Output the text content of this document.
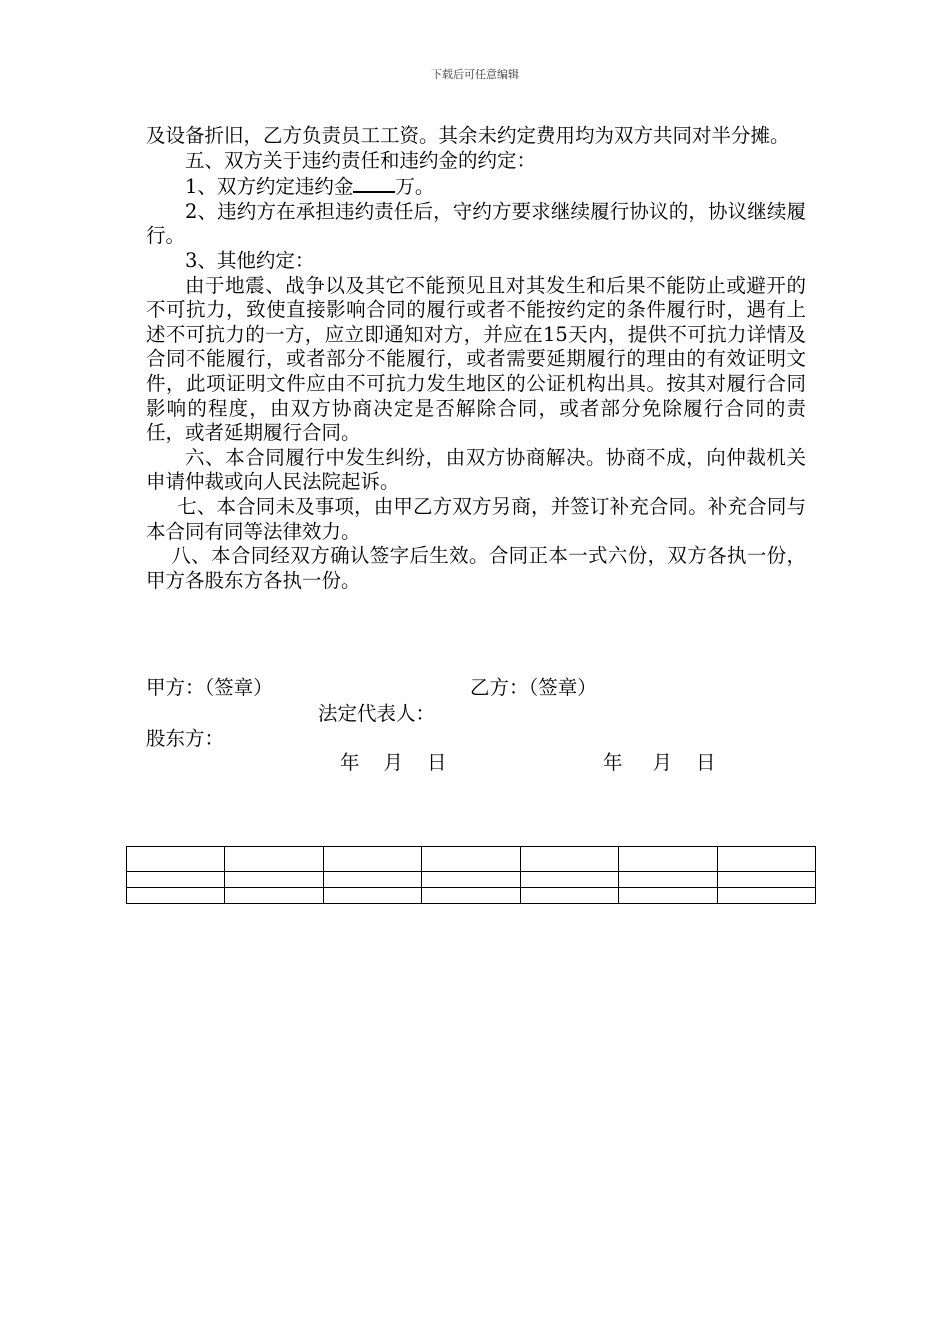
下载后可任意编辑

及设备折旧，乙方负责员工工资。其余未约定费用均为双方共同对半分摊。

五、双方关于违约责任和违约金的约定：

1、双方约定违约金 万。

2、违约方在承担违约责任后，守约方要求继续履行协议的，协议继续履行。

3、其他约定：

由于地震、战争以及其它不能预见且对其发生和后果不能防止或避开的不可抗力，致使直接影响合同的履行或者不能按约定的条件履行时，遇有上述不可抗力的一方，应立即通知对方，并应在15天内，提供不可抗力详情及合同不能履行，或者部分不能履行，或者需要延期履行的理由的有效证明文件，此项证明文件应由不可抗力发生地区的公证机构出具。按其对履行合同影响的程度，由双方协商决定是否解除合同，或者部分免除履行合同的责任，或者延期履行合同。

六、本合同履行中发生纠纷，由双方协商解决。协商不成，向仲裁机关申请仲裁或向人民法院起诉。

七、本合同未及事项，由甲乙方双方另商，并签订补充合同。补充合同与本合同有同等法律效力。

八、本合同经双方确认签字后生效。合同正本一式六份，双方各执一份，甲方各股东方各执一份。

甲方：（签章）	乙方：（签章）
法定代表人：
股东方：
年 月 日	年 月 日
